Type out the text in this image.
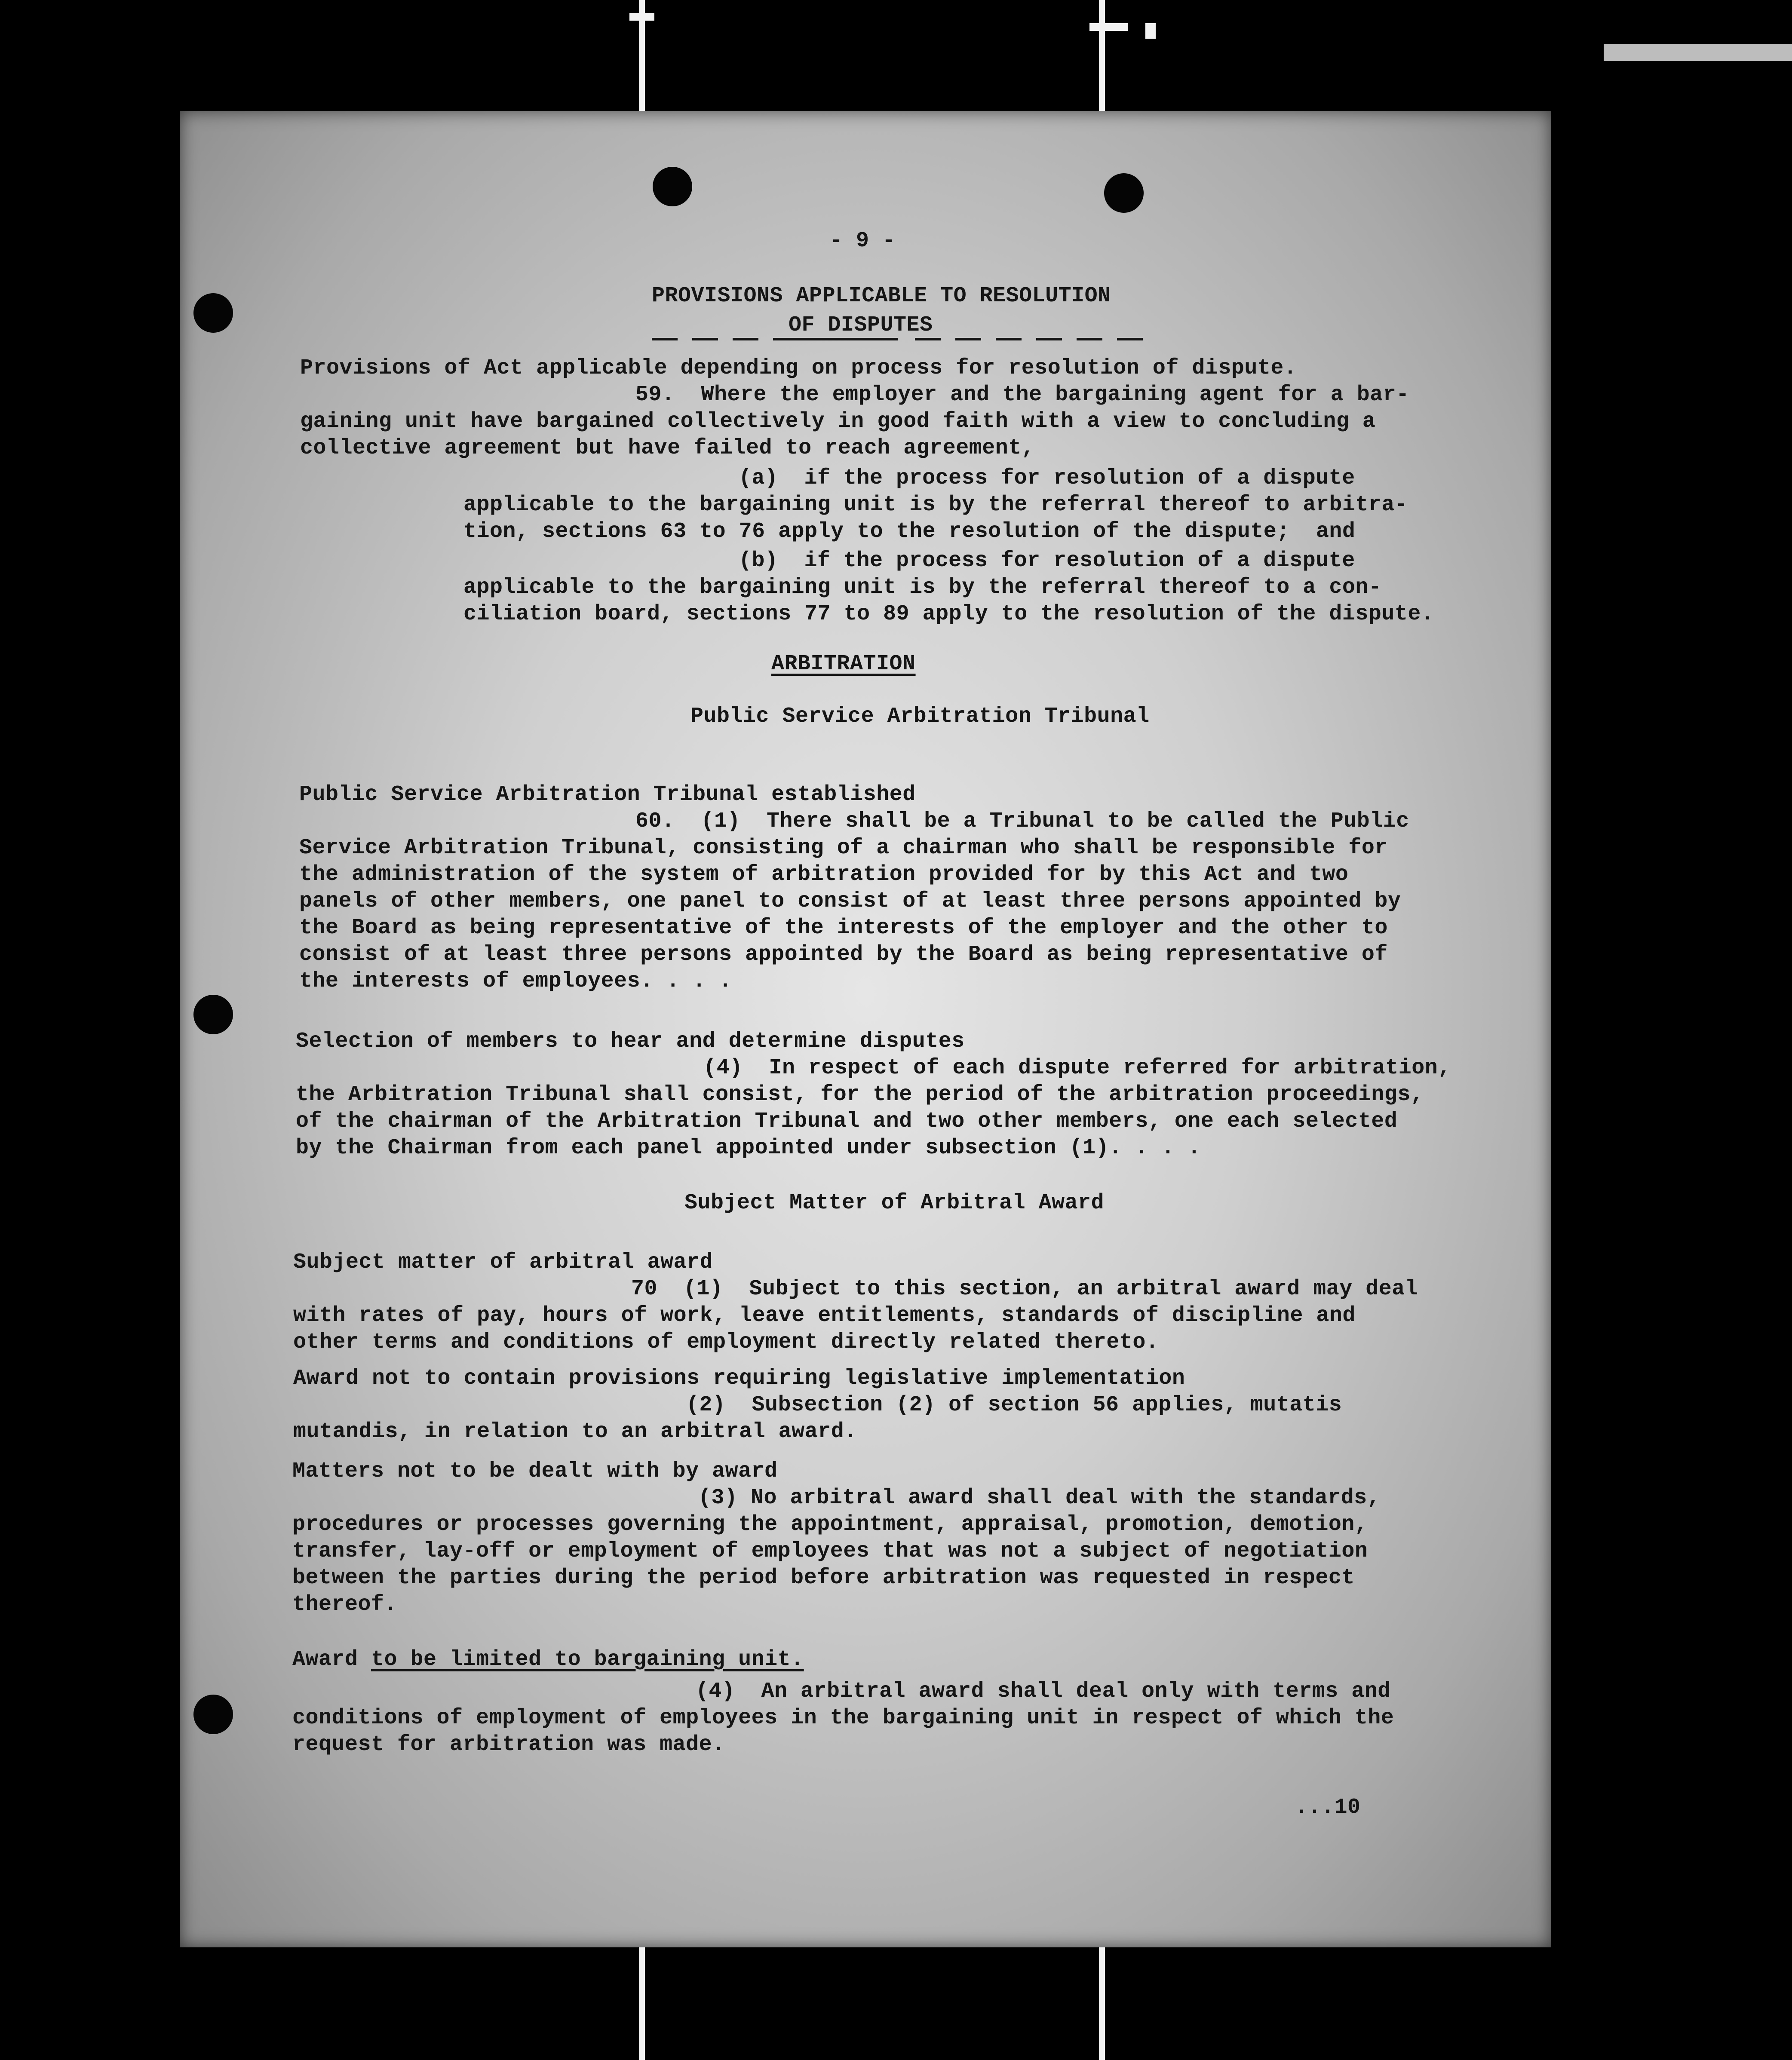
- 9 -
PROVISIONS APPLICABLE TO RESOLUTION
OF DISPUTES
Provisions of Act applicable depending on process for resolution of dispute.
59.  Where the employer and the bargaining agent for a bar-
gaining unit have bargained collectively in good faith with a view to concluding a
collective agreement but have failed to reach agreement,
(a)  if the process for resolution of a dispute
applicable to the bargaining unit is by the referral thereof to arbitra-
tion, sections 63 to 76 apply to the resolution of the dispute;  and
(b)  if the process for resolution of a dispute
applicable to the bargaining unit is by the referral thereof to a con-
ciliation board, sections 77 to 89 apply to the resolution of the dispute.
ARBITRATION
Public Service Arbitration Tribunal
Public Service Arbitration Tribunal established
60.  (1)  There shall be a Tribunal to be called the Public
Service Arbitration Tribunal, consisting of a chairman who shall be responsible for
the administration of the system of arbitration provided for by this Act and two
panels of other members, one panel to consist of at least three persons appointed by
the Board as being representative of the interests of the employer and the other to
consist of at least three persons appointed by the Board as being representative of
the interests of employees. . . .
Selection of members to hear and determine disputes
(4)  In respect of each dispute referred for arbitration,
the Arbitration Tribunal shall consist, for the period of the arbitration proceedings,
of the chairman of the Arbitration Tribunal and two other members, one each selected
by the Chairman from each panel appointed under subsection (1). . . .
Subject Matter of Arbitral Award
Subject matter of arbitral award
70  (1)  Subject to this section, an arbitral award may deal
with rates of pay, hours of work, leave entitlements, standards of discipline and
other terms and conditions of employment directly related thereto.
Award not to contain provisions requiring legislative implementation
(2)  Subsection (2) of section 56 applies, mutatis
mutandis, in relation to an arbitral award.
Matters not to be dealt with by award
(3) No arbitral award shall deal with the standards,
procedures or processes governing the appointment, appraisal, promotion, demotion,
transfer, lay-off or employment of employees that was not a subject of negotiation
between the parties during the period before arbitration was requested in respect
thereof.
Award to be limited to bargaining unit.
(4)  An arbitral award shall deal only with terms and
conditions of employment of employees in the bargaining unit in respect of which the
request for arbitration was made.
...10
